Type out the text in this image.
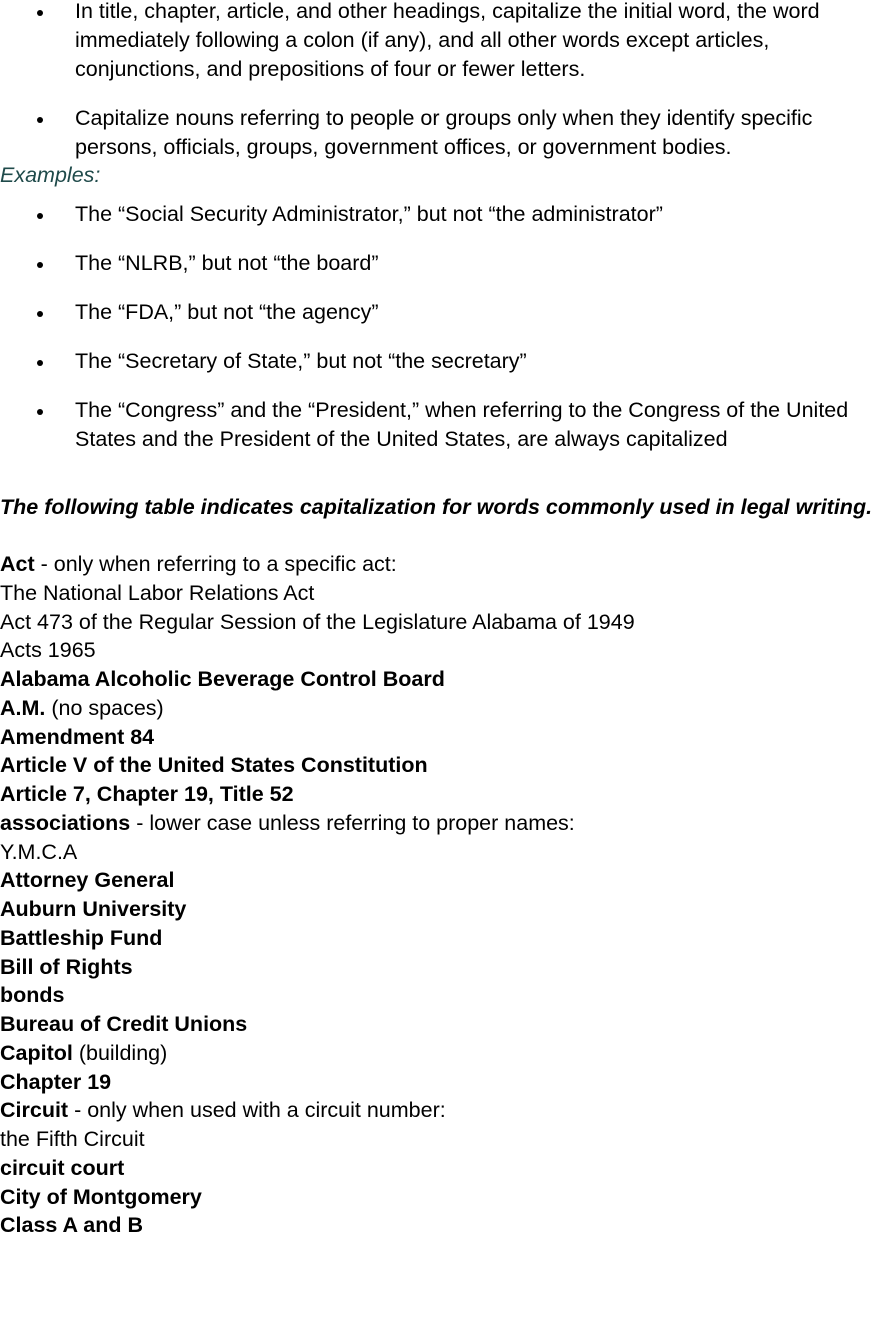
In title, chapter, article, and other headings, capitalize the initial word, the word immediately following a colon (if any), and all other words except articles, conjunctions, and prepositions of four or fewer letters.
Capitalize nouns referring to people or groups only when they identify specific persons, officials, groups, government offices, or government bodies.

Examples:

The “Social Security Administrator,” but not “the administrator”
The “NLRB,” but not “the board”
The “FDA,” but not “the agency”
The “Secretary of State,” but not “the secretary”
The “Congress” and the “President,” when referring to the Congress of the United States and the President of the United States, are always capitalized

The following table indicates capitalization for words commonly used in legal writing.

Act - only when referring to a specific act:
The National Labor Relations Act
Act 473 of the Regular Session of the Legislature Alabama of 1949
Acts 1965
Alabama Alcoholic Beverage Control Board
A.M. (no spaces)
Amendment 84
Article V of the United States Constitution
Article 7, Chapter 19, Title 52
associations - lower case unless referring to proper names:
Y.M.C.A
Attorney General
Auburn University
Battleship Fund
Bill of Rights
bonds
Bureau of Credit Unions
Capitol (building)
Chapter 19
Circuit - only when used with a circuit number:
the Fifth Circuit
circuit court
City of Montgomery
Class A and B
